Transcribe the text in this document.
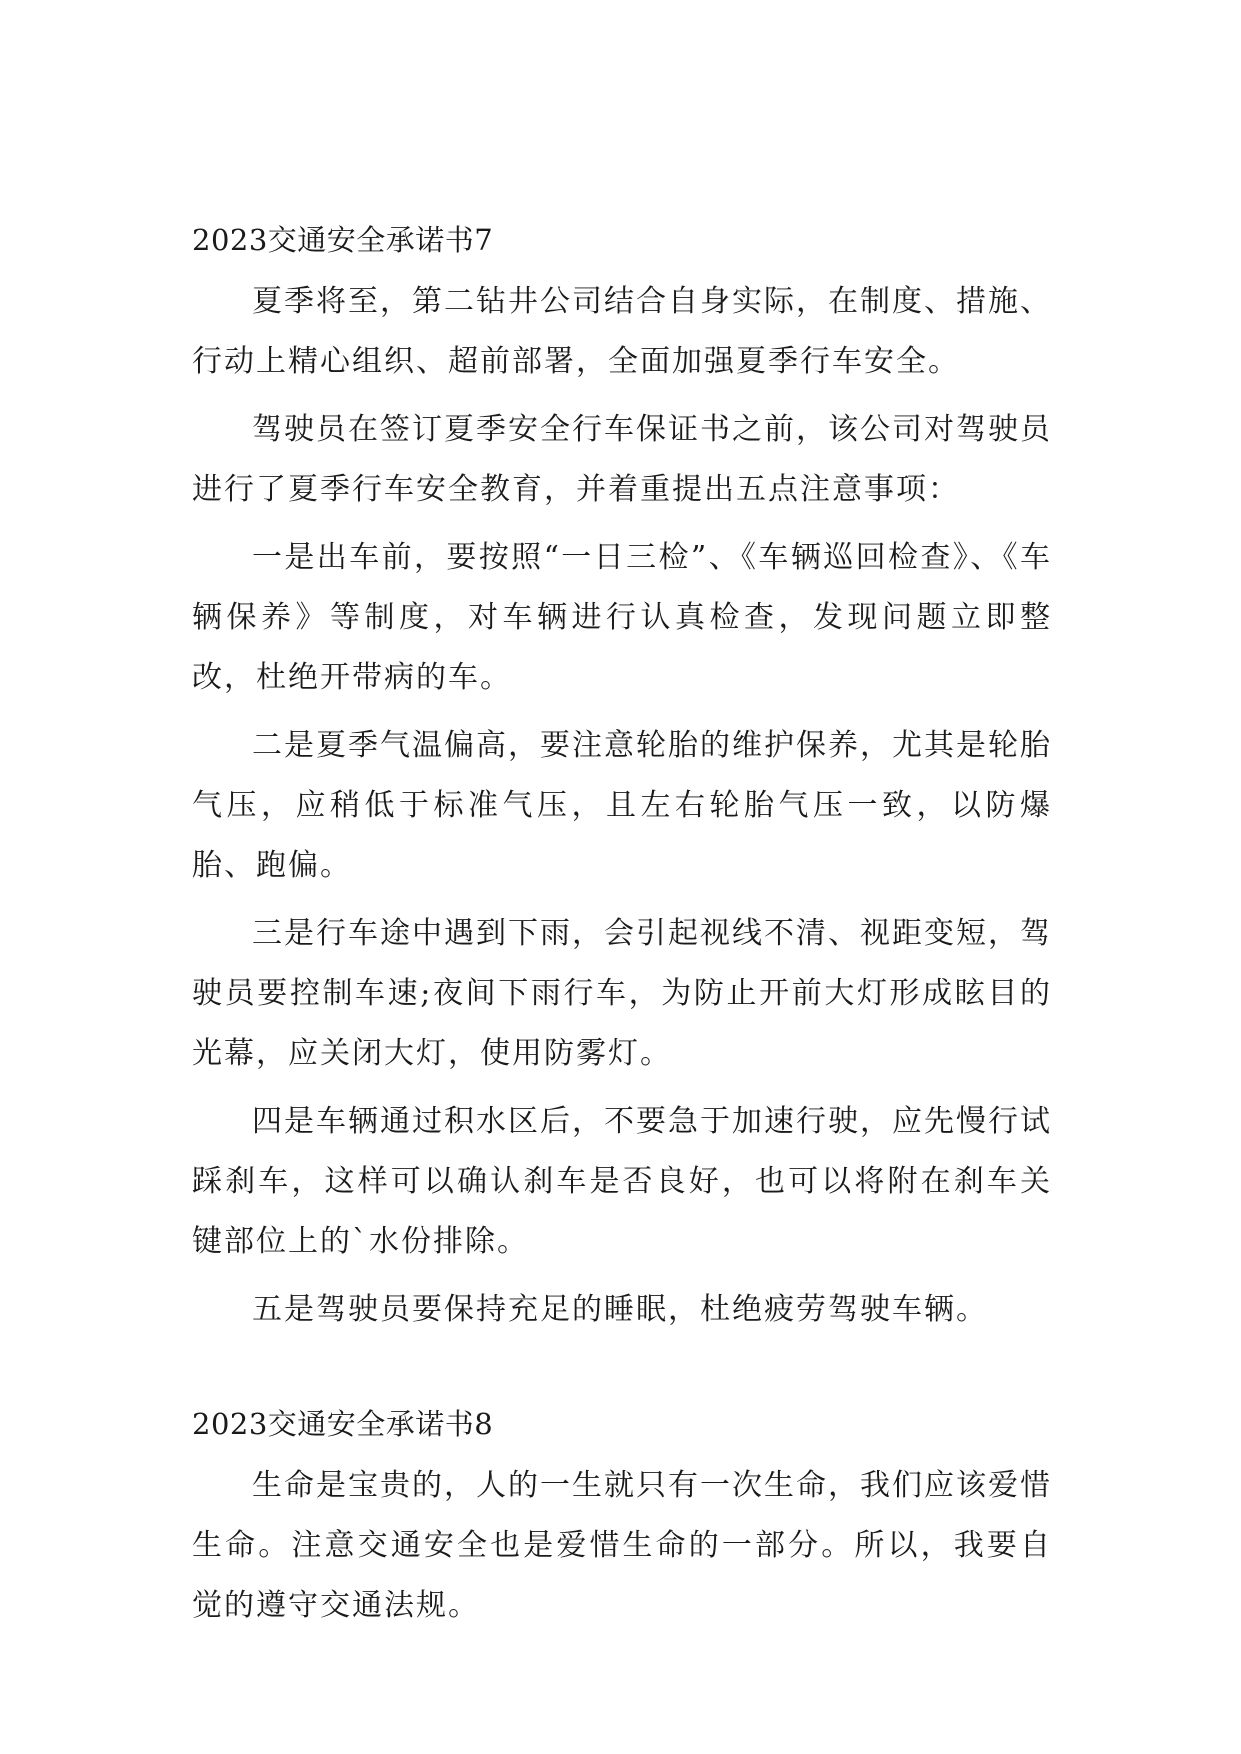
2023交通安全承诺书7

夏季将至，第二钻井公司结合自身实际，在制度、措施、行动上精心组织、超前部署，全面加强夏季行车安全。

驾驶员在签订夏季安全行车保证书之前，该公司对驾驶员进行了夏季行车安全教育，并着重提出五点注意事项：

一是出车前，要按照“一日三检”、《车辆巡回检查》、《车辆保养》等制度，对车辆进行认真检查，发现问题立即整改，杜绝开带病的车。

二是夏季气温偏高，要注意轮胎的维护保养，尤其是轮胎气压，应稍低于标准气压，且左右轮胎气压一致，以防爆胎、跑偏。

三是行车途中遇到下雨，会引起视线不清、视距变短，驾驶员要控制车速;夜间下雨行车，为防止开前大灯形成眩目的光幕，应关闭大灯，使用防雾灯。

四是车辆通过积水区后，不要急于加速行驶，应先慢行试踩刹车，这样可以确认刹车是否良好，也可以将附在刹车关键部位上的`水份排除。

五是驾驶员要保持充足的睡眠，杜绝疲劳驾驶车辆。

2023交通安全承诺书8

生命是宝贵的，人的一生就只有一次生命，我们应该爱惜生命。注意交通安全也是爱惜生命的一部分。所以，我要自觉的遵守交通法规。
